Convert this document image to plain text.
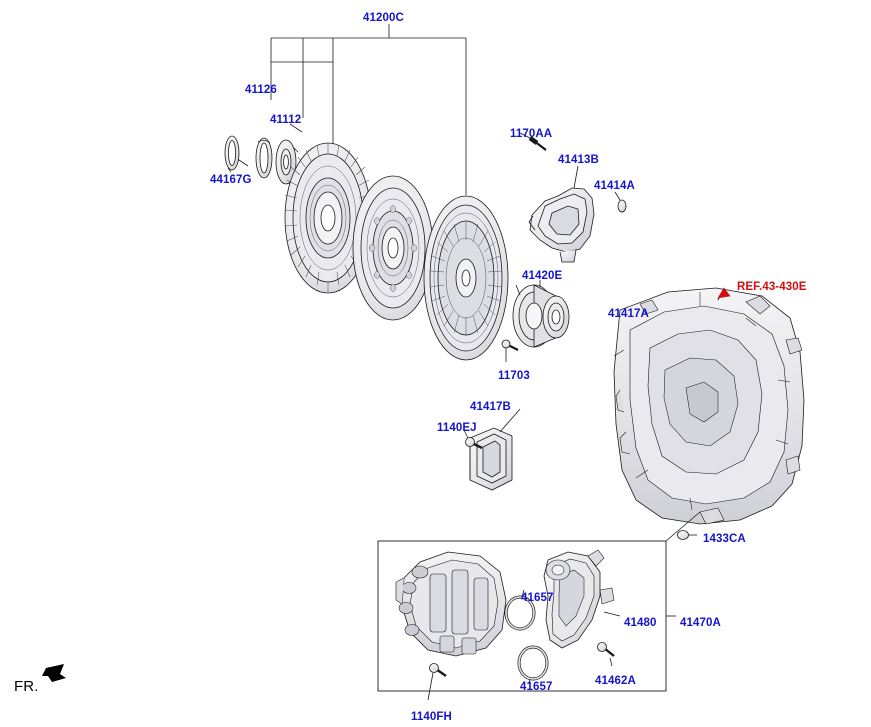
41200C
41126
41112
44167G
1170AA
41413B
41414A
REF.43-430E
41420E
41417A
11703
41417B
1140EJ
1433CA
41657
41480 41470A
41657	41462A
1140FH
FR.
